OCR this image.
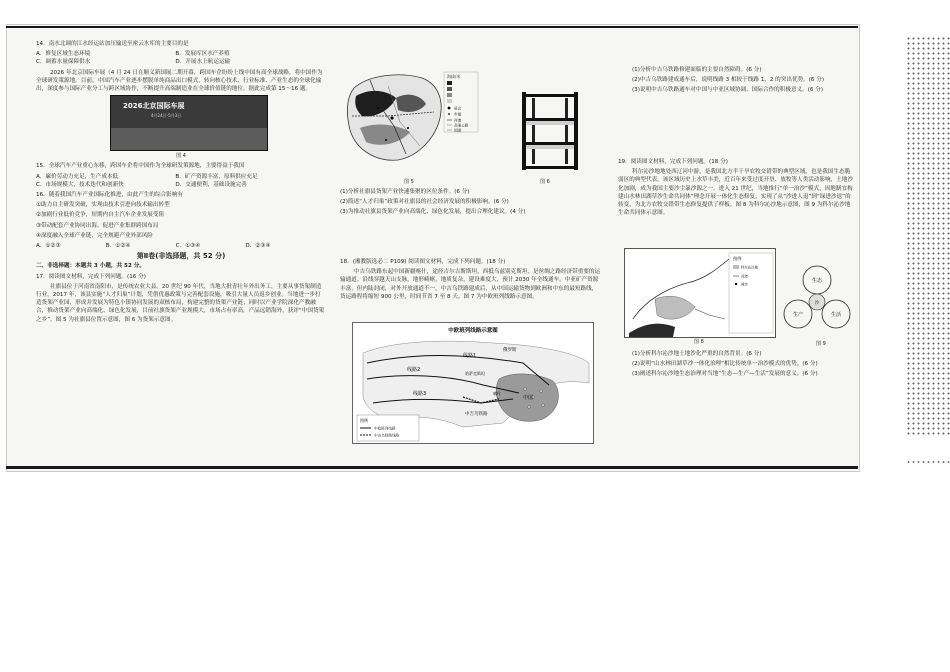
14．南水北调的江水经运站加压输送至密云水库的主要目的是

A．修复区域生态环境	B．发展库区水产养殖
C．调蓄水量保障供水	D．开展水上航运运输

2026 年北京国际车展（4 月 24 日在顺义新国展二期开幕，跨国车企纷纷上线中国有高全球战略，将中国作为全球研发策源地。目前，中国汽车产业逐步摆脱单纯商品出口模式，转向核心技术、行业标准、产业生态的全球化输出，深度参与国际产业分工与跨区域协作，不断提升高端制造业在全球价值链的地位。据此完成第 15～16 题。

2026北京国际车展
4月24日-5月3日

图 4

15．全球汽车产业重心东移，跨国车企将中国作为全球研发策源地，主要得益于我国

A．廉价劳动力充足，生产成本低	B．矿产资源丰富，原料供应充足
C．市场规模大，技术迭代和创新快	D．交通便利，基础设施完善

16．随着我国汽车产业国际化推进，由此产生的综合影响有

①助力自主研发突破，实现由技术引进向技术输出转型

②加剧行业低价竞争，短期内自主汽车企业发展受阻

③带动配套产业协同出海，促进产业集群跨国布局

④深度融入全球产业链，完全规避产业外部风险

A．①②③	B．①②④	C．①③④	D．②③④

第Ⅱ卷(非选择题，共 52 分)

二、非选择题：本题共 3 小题，共 52 分。

17．阅读图文材料，完成下列问题。(16 分)

社旗县位于河南省南阳市，是传统农业大县。20 世纪 90 年代，当地大批青壮年外出务工，主要从事货架制造行业。2017 年，该县实施“人才归巢”计划，凭借优惠政策与完善配套设施，吸引大量人员返乡创业。当地进一步打造货架产业园，形成并发展为特色小镇协同发展的双核布局，构建完整的货架产业链；同时以产业学院深化产教融合，推动货架产业向高端化、绿色化发展，目前社旗货架产业规模大，市场占有率高，产品远销海外，获评“中国货架之乡”。图 5 为社旗县位置示意图，图 6 为货架示意图。

海拔/米
县会
乡镇
河流
高速公路
国道
图 5	图 6

(1)分析社旗县货架产业快速集聚的区位条件。(6 分)

(2)简述“人才归巢”政策对社旗县的社会经济发展的积极影响。(6 分)

(3)为推动社旗县货架产业向高端化、绿色化发展，提出合理化建议。(4 分)

18．(湘教版选必二 P109) 阅读图文材料，完成下列问题。(18 分)

中吉乌铁路东起中国新疆喀什，途径吉尔吉斯斯坦，西抵乌兹别克斯坦，是丝绸之路经济带重要的运输通道。沿线穿越天山支脉，地形崎岖，地质复杂，建设难度大，预计 2030 年全线通车。中亚矿产资源丰富，但内陆封闭，对外开放通道不一。中吉乌铁路建成后，从中国运输货物到欧洲和中东的最短路线，货运路程将缩短 900 公里，时间节省 7 至 8 天。图 7 为中欧班列线路示意图。

中欧班列线路示意图
线路1
线路2
线路3
中吉乌铁路
中国
喀什
俄罗斯
哈萨克斯坦
图例
中欧班列线路
中吉乌铁路线路

(1)分析中吉乌铁路修建面临的主要自然障碍。(6 分)

(2)中吉乌铁路建成通车后，说明线路 3 相较于线路 1、2 的突出优势。(6 分)

(3)说明中吉乌铁路通车对中国与中亚区域协调、国际合作的积极意义。(6 分)

19．阅读图文材料，完成下列问题。(18 分)

科尔沁沙地地处西辽河中游，是我国北方半干旱农牧交错带的典型区域，也是我国生态脆弱区的典型代表。该区域历史上水草丰美，近百年来受过度开垦、放牧等人类活动影响，土地沙化加剧，成为我国主要沙尘暴沙源之一。进入 21 世纪，当地推行“单一治沙”模式，因地制宜构建山水林田湖草沙生命共同体”理念开展一体化生态修复，实现了从“沙进人退”到“绿进沙退”的转变，为北方农牧交错带生态修复提供了样板。图 8 为科尔沁沙地示意图，图 9 为科尔沁沙地生命共同体示意图。

图例
科尔沁沙地
河流
城市
生态
生产	生活
沙
图 8	图 9

(1)分析科尔沁沙地土地沙化严重的自然背景。(6 分)

(2)说明“山水林田湖草沙一体化治理”相比传统单一治沙模式的优势。(6 分)

(3)阐述科尔沁沙地生态治理对当地“生态—生产—生活”发展的意义。(6 分)
